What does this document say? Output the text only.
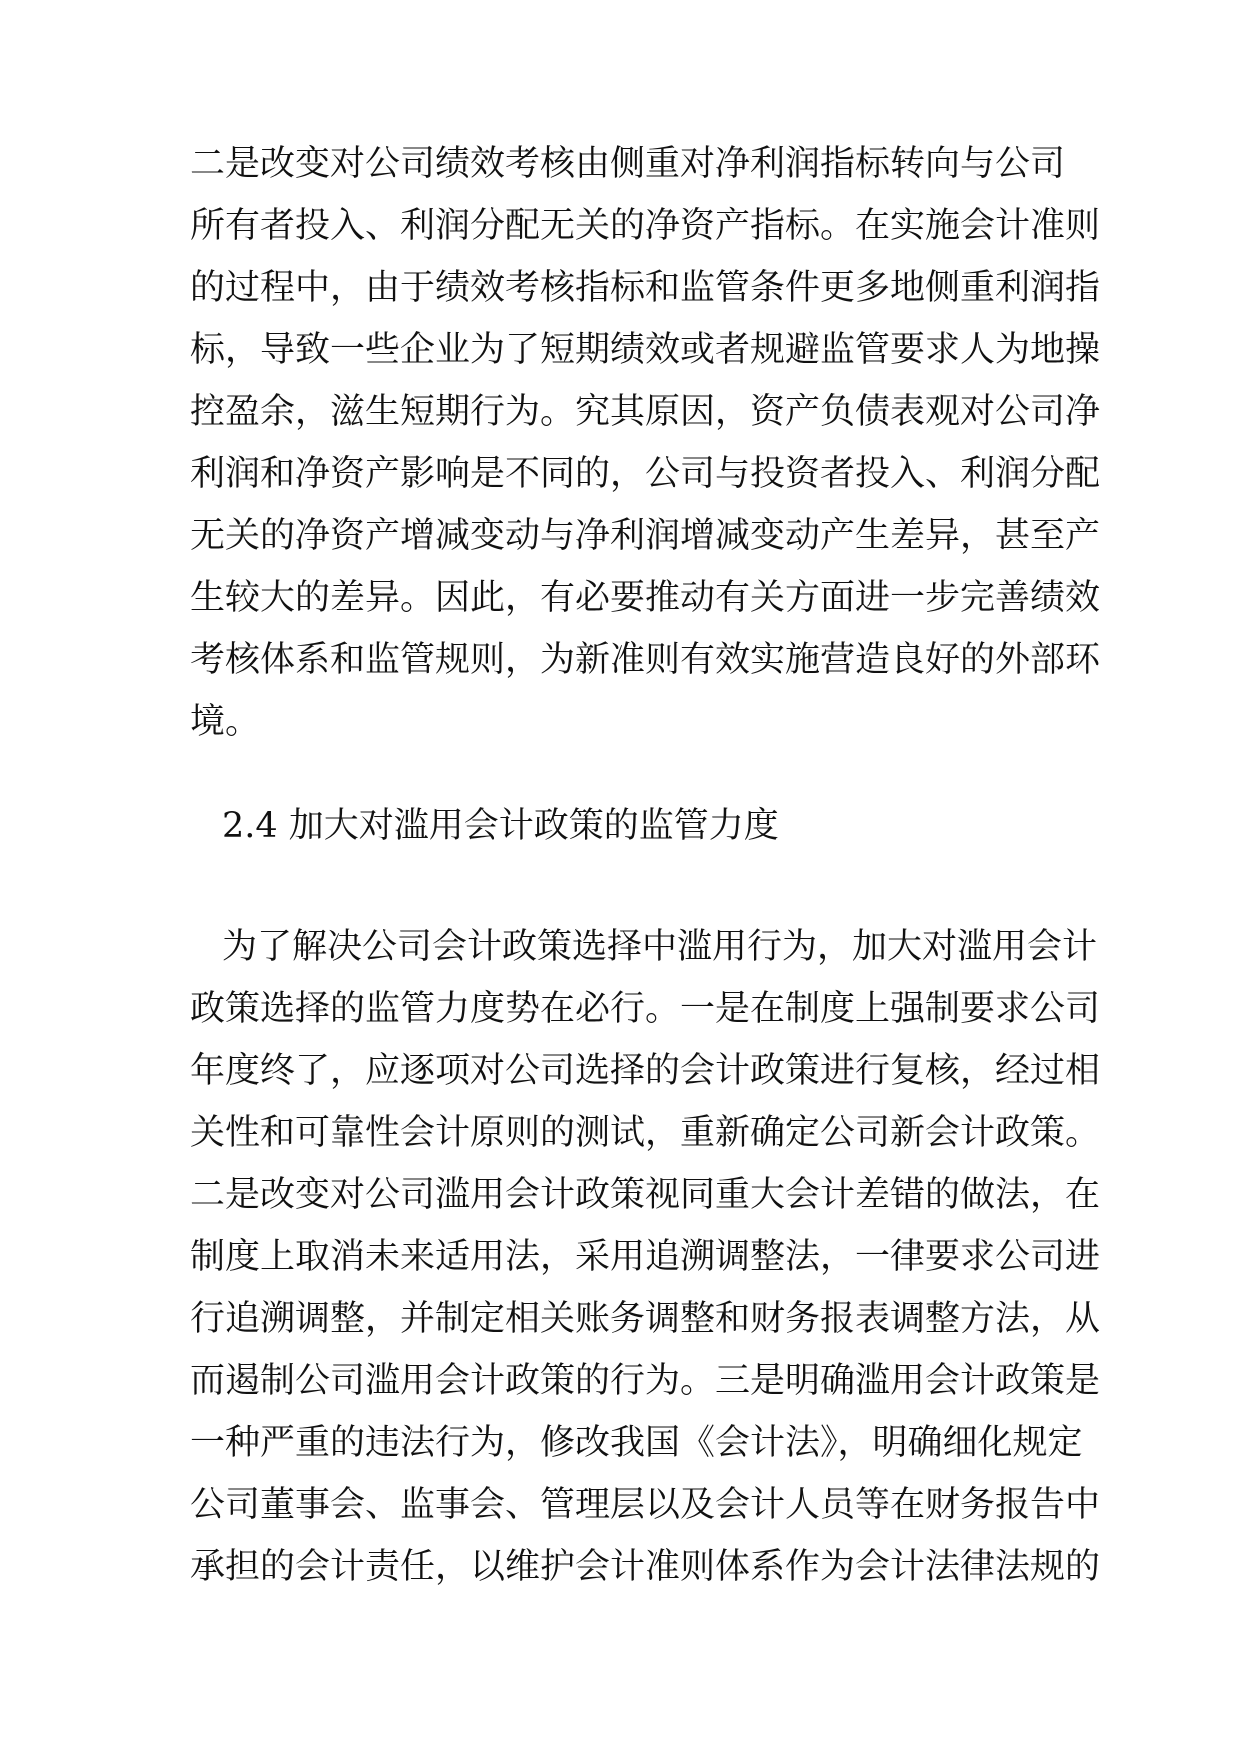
二是改变对公司绩效考核由侧重对净利润指标转向与公司
所有者投入、利润分配无关的净资产指标。在实施会计准则
的过程中，由于绩效考核指标和监管条件更多地侧重利润指
标，导致一些企业为了短期绩效或者规避监管要求人为地操
控盈余，滋生短期行为。究其原因，资产负债表观对公司净
利润和净资产影响是不同的，公司与投资者投入、利润分配
无关的净资产增减变动与净利润增减变动产生差异，甚至产
生较大的差异。因此，有必要推动有关方面进一步完善绩效
考核体系和监管规则，为新准则有效实施营造良好的外部环
境。
2.4 加大对滥用会计政策的监管力度
为了解决公司会计政策选择中滥用行为，加大对滥用会计
政策选择的监管力度势在必行。一是在制度上强制要求公司
年度终了，应逐项对公司选择的会计政策进行复核，经过相
关性和可靠性会计原则的测试，重新确定公司新会计政策。
二是改变对公司滥用会计政策视同重大会计差错的做法，在
制度上取消未来适用法，采用追溯调整法，一律要求公司进
行追溯调整，并制定相关账务调整和财务报表调整方法，从
而遏制公司滥用会计政策的行为。三是明确滥用会计政策是
一种严重的违法行为，修改我国《会计法》，明确细化规定
公司董事会、监事会、管理层以及会计人员等在财务报告中
承担的会计责任，以维护会计准则体系作为会计法律法规的
